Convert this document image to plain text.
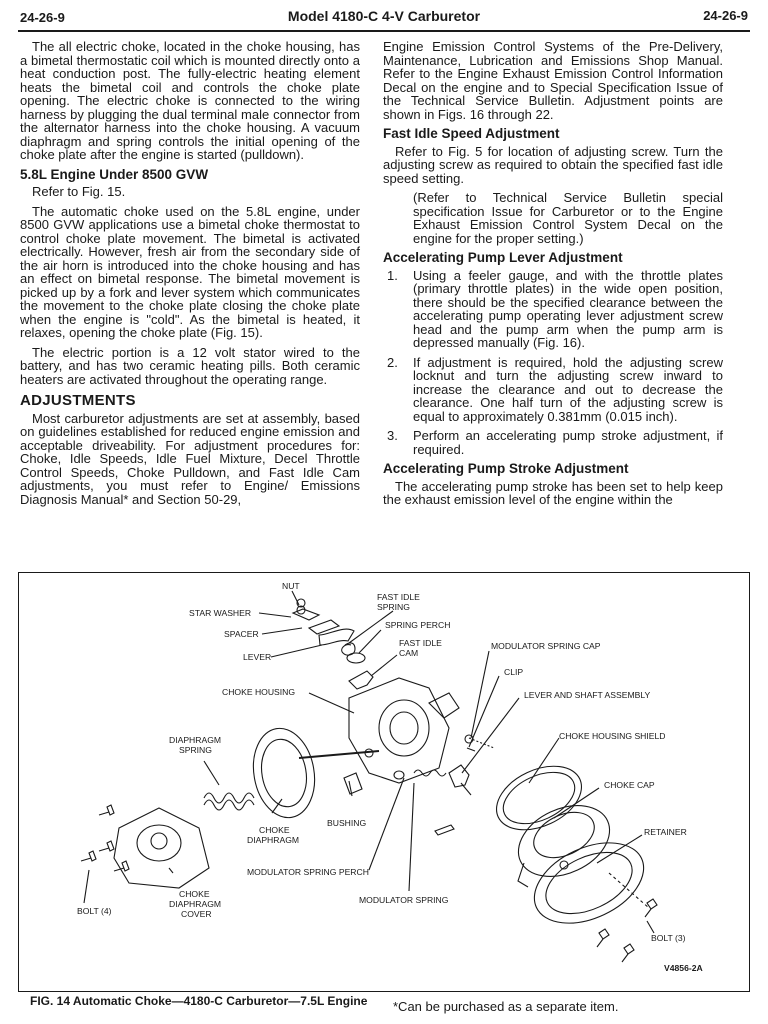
24-26-9	Model 4180-C 4-V Carburetor	24-26-9

The all electric choke, located in the choke housing, has a bimetal thermostatic coil which is mounted directly onto a heat conduction post. The fully-electric heating element heats the bimetal coil and controls the choke plate opening. The electric choke is connected to the wiring harness by plugging the dual terminal male connector from the alternator harness into the choke housing. A vacuum diaphragm and spring controls the initial opening of the choke plate after the engine is started (pulldown).

5.8L Engine Under 8500 GVW

Refer to Fig. 15.

The automatic choke used on the 5.8L engine, under 8500 GVW applications use a bimetal choke thermostat to control choke plate movement. The bimetal is activated electrically. However, fresh air from the secondary side of the air horn is introduced into the choke housing and has an effect on bimetal response. The bimetal movement is picked up by a fork and lever system which communicates the movement to the choke plate closing the choke plate when the engine is "cold". As the bimetal is heated, it relaxes, opening the choke plate (Fig. 15).

The electric portion is a 12 volt stator wired to the battery, and has two ceramic heating pills. Both ceramic heaters are activated throughout the operating range.

ADJUSTMENTS

Most carburetor adjustments are set at assembly, based on guidelines established for reduced engine emission and acceptable driveability. For adjustment procedures for: Choke, Idle Speeds, Idle Fuel Mixture, Decel Throttle Control Speeds, Choke Pulldown, and Fast Idle Cam adjustments, you must refer to Engine/ Emissions Diagnosis Manual* and Section 50-29,

Engine Emission Control Systems of the Pre-Delivery, Maintenance, Lubrication and Emissions Shop Manual. Refer to the Engine Exhaust Emission Control Information Decal on the engine and to Special Specification Issue of the Technical Service Bulletin. Adjustment points are shown in Figs. 16 through 22.

Fast Idle Speed Adjustment

Refer to Fig. 5 for location of adjusting screw. Turn the adjusting screw as required to obtain the specified fast idle speed setting.

(Refer to Technical Service Bulletin special specification Issue for Carburetor or to the Engine Exhaust Emission Control System Decal on the engine for the proper setting.)

Accelerating Pump Lever Adjustment
1. Using a feeler gauge, and with the throttle plates (primary throttle plates) in the wide open position, there should be the specified clearance between the accelerating pump operating lever adjustment screw head and the pump arm when the pump arm is depressed manually (Fig. 16).
2. If adjustment is required, hold the adjusting screw locknut and turn the adjusting screw inward to increase the clearance and out to decrease the clearance. One half turn of the adjusting screw is equal to approximately 0.381mm (0.015 inch).
3. Perform an accelerating pump stroke adjustment, if required.
Accelerating Pump Stroke Adjustment

The accelerating pump stroke has been set to help keep the exhaust emission level of the engine within the

NUT
STAR WASHER
SPACER
LEVER
FAST IDLE
SPRING
SPRING PERCH
FAST IDLE
CAM
MODULATOR SPRING CAP
CLIP
CHOKE HOUSING	LEVER AND SHAFT ASSEMBLY
DIAPHRAGM
SPRING
CHOKE HOUSING SHIELD
CHOKE CAP
BUSHING
CHOKE
DIAPHRAGM
RETAINER
MODULATOR SPRING PERCH
MODULATOR SPRING
CHOKE
DIAPHRAGM
COVER
BOLT (4)
BOLT (3)
V4856-2A
FIG. 14 Automatic Choke—4180-C Carburetor—7.5L Engine *Can be purchased as a separate item.
